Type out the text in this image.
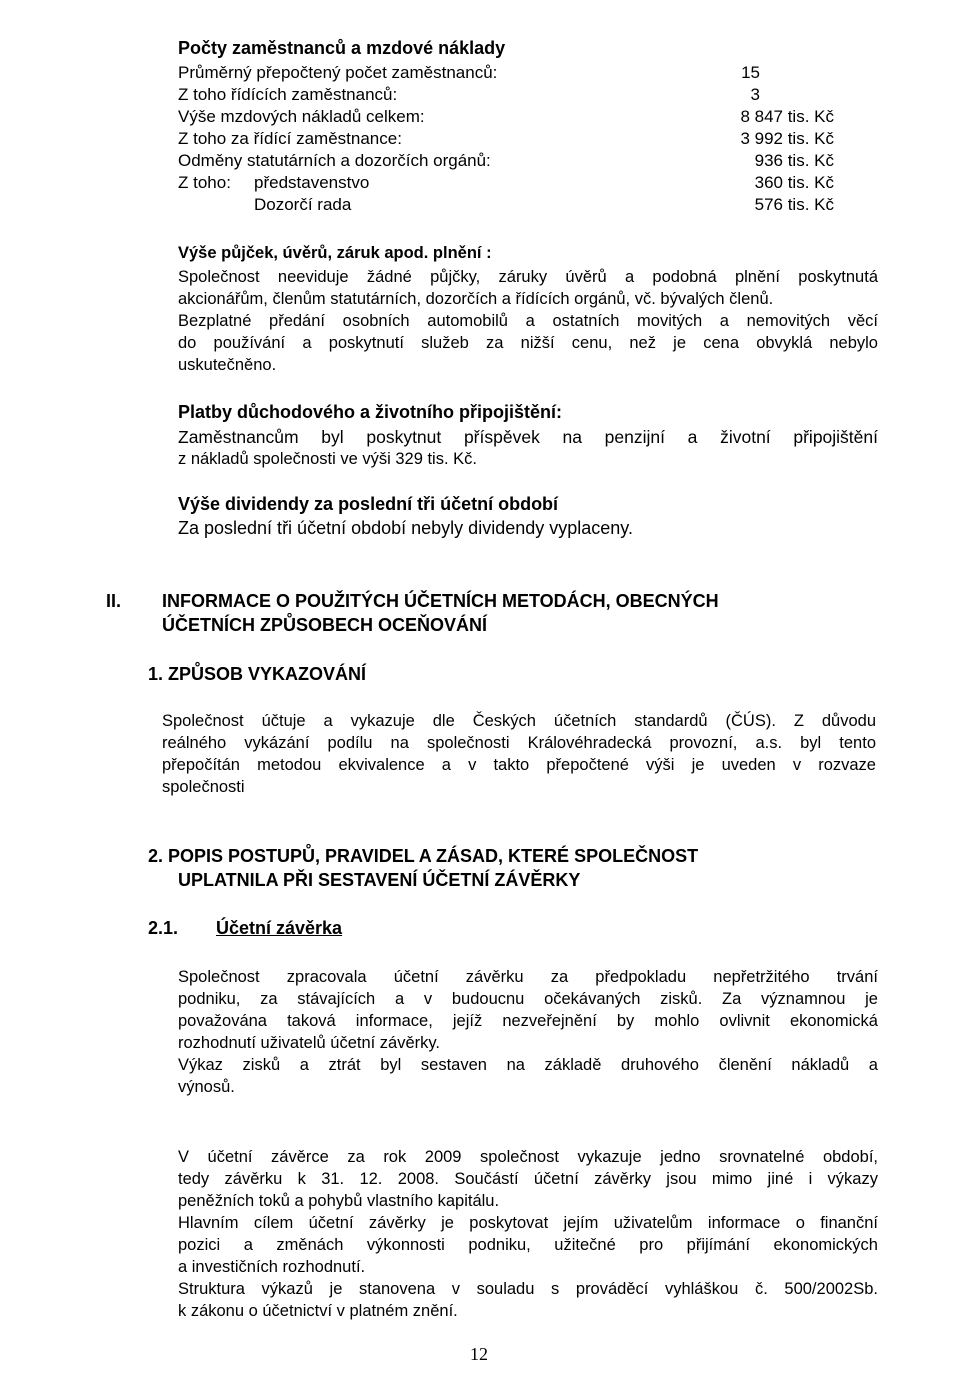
Počty zaměstnanců a mzdové náklady
Průměrný přepočtený počet zaměstnanců:	15
Z toho řídících zaměstnanců:	3
Výše mzdových nákladů celkem:	8 847 tis. Kč
Z toho za řídící zaměstnance:	3 992 tis. Kč
Odměny statutárních a dozorčích orgánů:	936 tis. Kč
Z toho: představenstvo	360 tis. Kč
Dozorčí rada	576 tis. Kč
Výše půjček, úvěrů, záruk apod. plnění :
Společnost neeviduje žádné půjčky, záruky úvěrů a podobná plnění poskytnutá
akcionářům, členům statutárních, dozorčích a řídících orgánů, vč. bývalých členů.
Bezplatné předání osobních automobilů a ostatních movitých a nemovitých věcí
do používání a poskytnutí služeb za nižší cenu, než je cena obvyklá nebylo
uskutečněno.
Platby důchodového a životního připojištění:
Zaměstnancům byl poskytnut příspěvek na penzijní a životní připojištění
z nákladů společnosti ve výši 329 tis. Kč.
Výše dividendy za poslední tři účetní období
Za poslední tři účetní období nebyly dividendy vyplaceny.
II. INFORMACE O POUŽITÝCH ÚČETNÍCH METODÁCH, OBECNÝCH
ÚČETNÍCH ZPŮSOBECH OCEŇOVÁNÍ
1. ZPŮSOB VYKAZOVÁNÍ
Společnost účtuje a vykazuje dle Českých účetních standardů (ČÚS). Z důvodu
reálného vykázání podílu na společnosti Královéhradecká provozní, a.s. byl tento
přepočítán metodou ekvivalence a v takto přepočtené výši je uveden v rozvaze
společnosti
2. POPIS POSTUPŮ, PRAVIDEL A ZÁSAD, KTERÉ SPOLEČNOST
UPLATNILA PŘI SESTAVENÍ ÚČETNÍ ZÁVĚRKY
2.1. Účetní závěrka
Společnost zpracovala účetní závěrku za předpokladu nepřetržitého trvání
podniku, za stávajících a v budoucnu očekávaných zisků. Za významnou je
považována taková informace, jejíž nezveřejnění by mohlo ovlivnit ekonomická
rozhodnutí uživatelů účetní závěrky.
Výkaz zisků a ztrát byl sestaven na základě druhového členění nákladů a
výnosů.
V účetní závěrce za rok 2009 společnost vykazuje jedno srovnatelné období,
tedy závěrku k 31. 12. 2008. Součástí účetní závěrky jsou mimo jiné i výkazy
peněžních toků a pohybů vlastního kapitálu.
Hlavním cílem účetní závěrky je poskytovat jejím uživatelům informace o finanční
pozici a změnách výkonnosti podniku, užitečné pro přijímání ekonomických
a investičních rozhodnutí.
Struktura výkazů je stanovena v souladu s prováděcí vyhláškou č. 500/2002Sb.
k zákonu o účetnictví v platném znění.
12
